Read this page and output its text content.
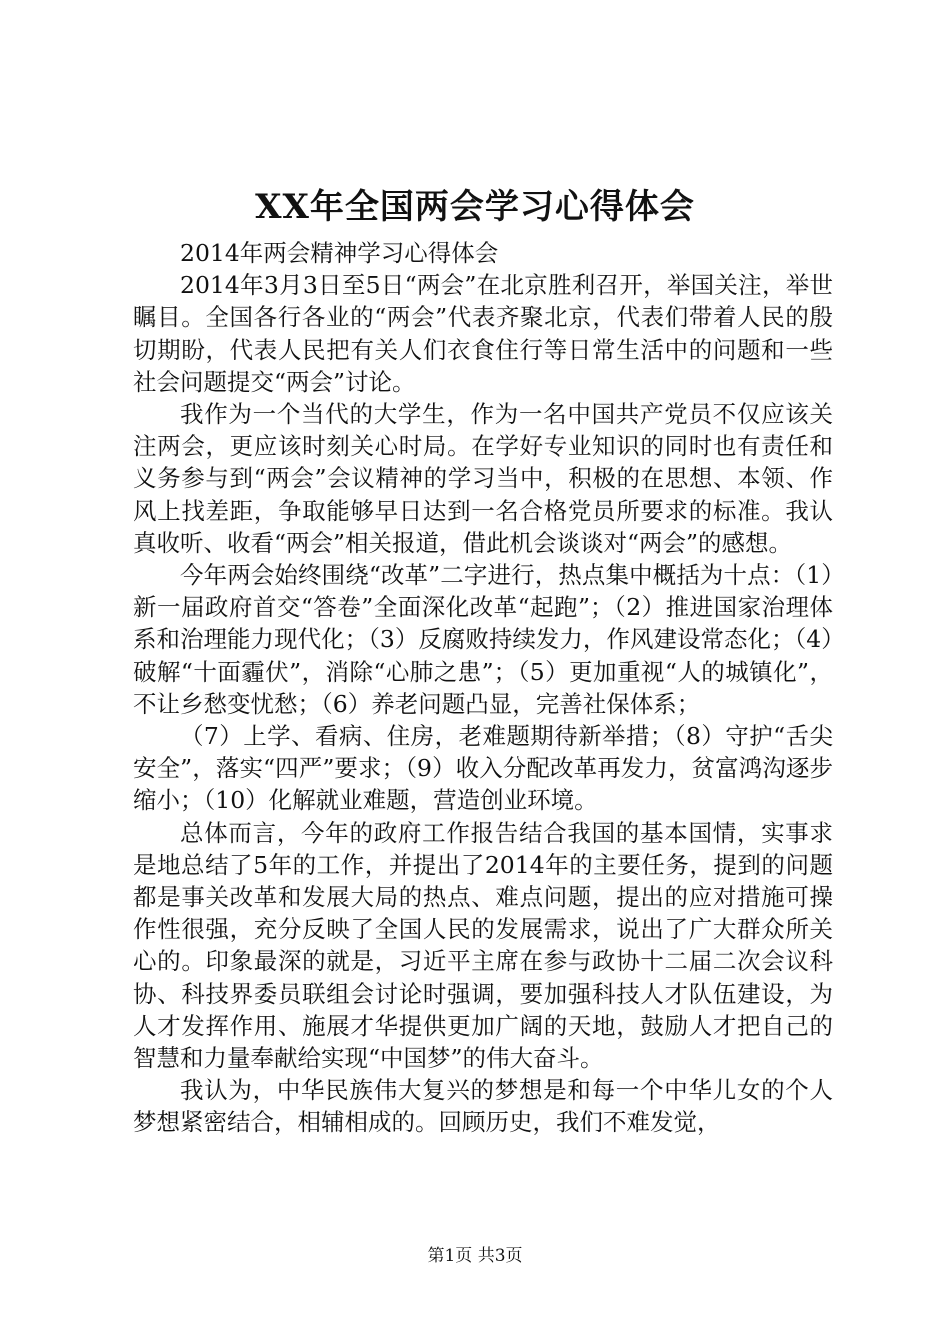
XX年全国两会学习心得体会

2014年两会精神学习心得体会

2014年3月3日至5日“两会”在北京胜利召开，举国关注，举世瞩目。全国各行各业的“两会”代表齐聚北京，代表们带着人民的殷切期盼，代表人民把有关人们衣食住行等日常生活中的问题和一些社会问题提交“两会”讨论。

我作为一个当代的大学生，作为一名中国共产党员不仅应该关注两会，更应该时刻关心时局。在学好专业知识的同时也有责任和义务参与到“两会”会议精神的学习当中，积极的在思想、本领、作风上找差距，争取能够早日达到一名合格党员所要求的标准。我认真收听、收看“两会”相关报道，借此机会谈谈对“两会”的感想。

今年两会始终围绕“改革”二字进行，热点集中概括为十点：（1）新一届政府首交“答卷”全面深化改革“起跑”；（2）推进国家治理体系和治理能力现代化；（3）反腐败持续发力，作风建设常态化；（4）破解“十面霾伏”，消除“心肺之患”；（5）更加重视“人的城镇化”，不让乡愁变忧愁；（6）养老问题凸显，完善社保体系；

（7）上学、看病、住房，老难题期待新举措；（8）守护“舌尖安全”，落实“四严”要求；（9）收入分配改革再发力，贫富鸿沟逐步缩小；（10）化解就业难题，营造创业环境。

总体而言，今年的政府工作报告结合我国的基本国情，实事求是地总结了5年的工作，并提出了2014年的主要任务，提到的问题都是事关改革和发展大局的热点、难点问题，提出的应对措施可操作性很强，充分反映了全国人民的发展需求，说出了广大群众所关心的。印象最深的就是，习近平主席在参与政协十二届二次会议科协、科技界委员联组会讨论时强调，要加强科技人才队伍建设，为人才发挥作用、施展才华提供更加广阔的天地，鼓励人才把自己的智慧和力量奉献给实现“中国梦”的伟大奋斗。

我认为，中华民族伟大复兴的梦想是和每一个中华儿女的个人梦想紧密结合，相辅相成的。回顾历史，我们不难发觉，

第1页 共3页
